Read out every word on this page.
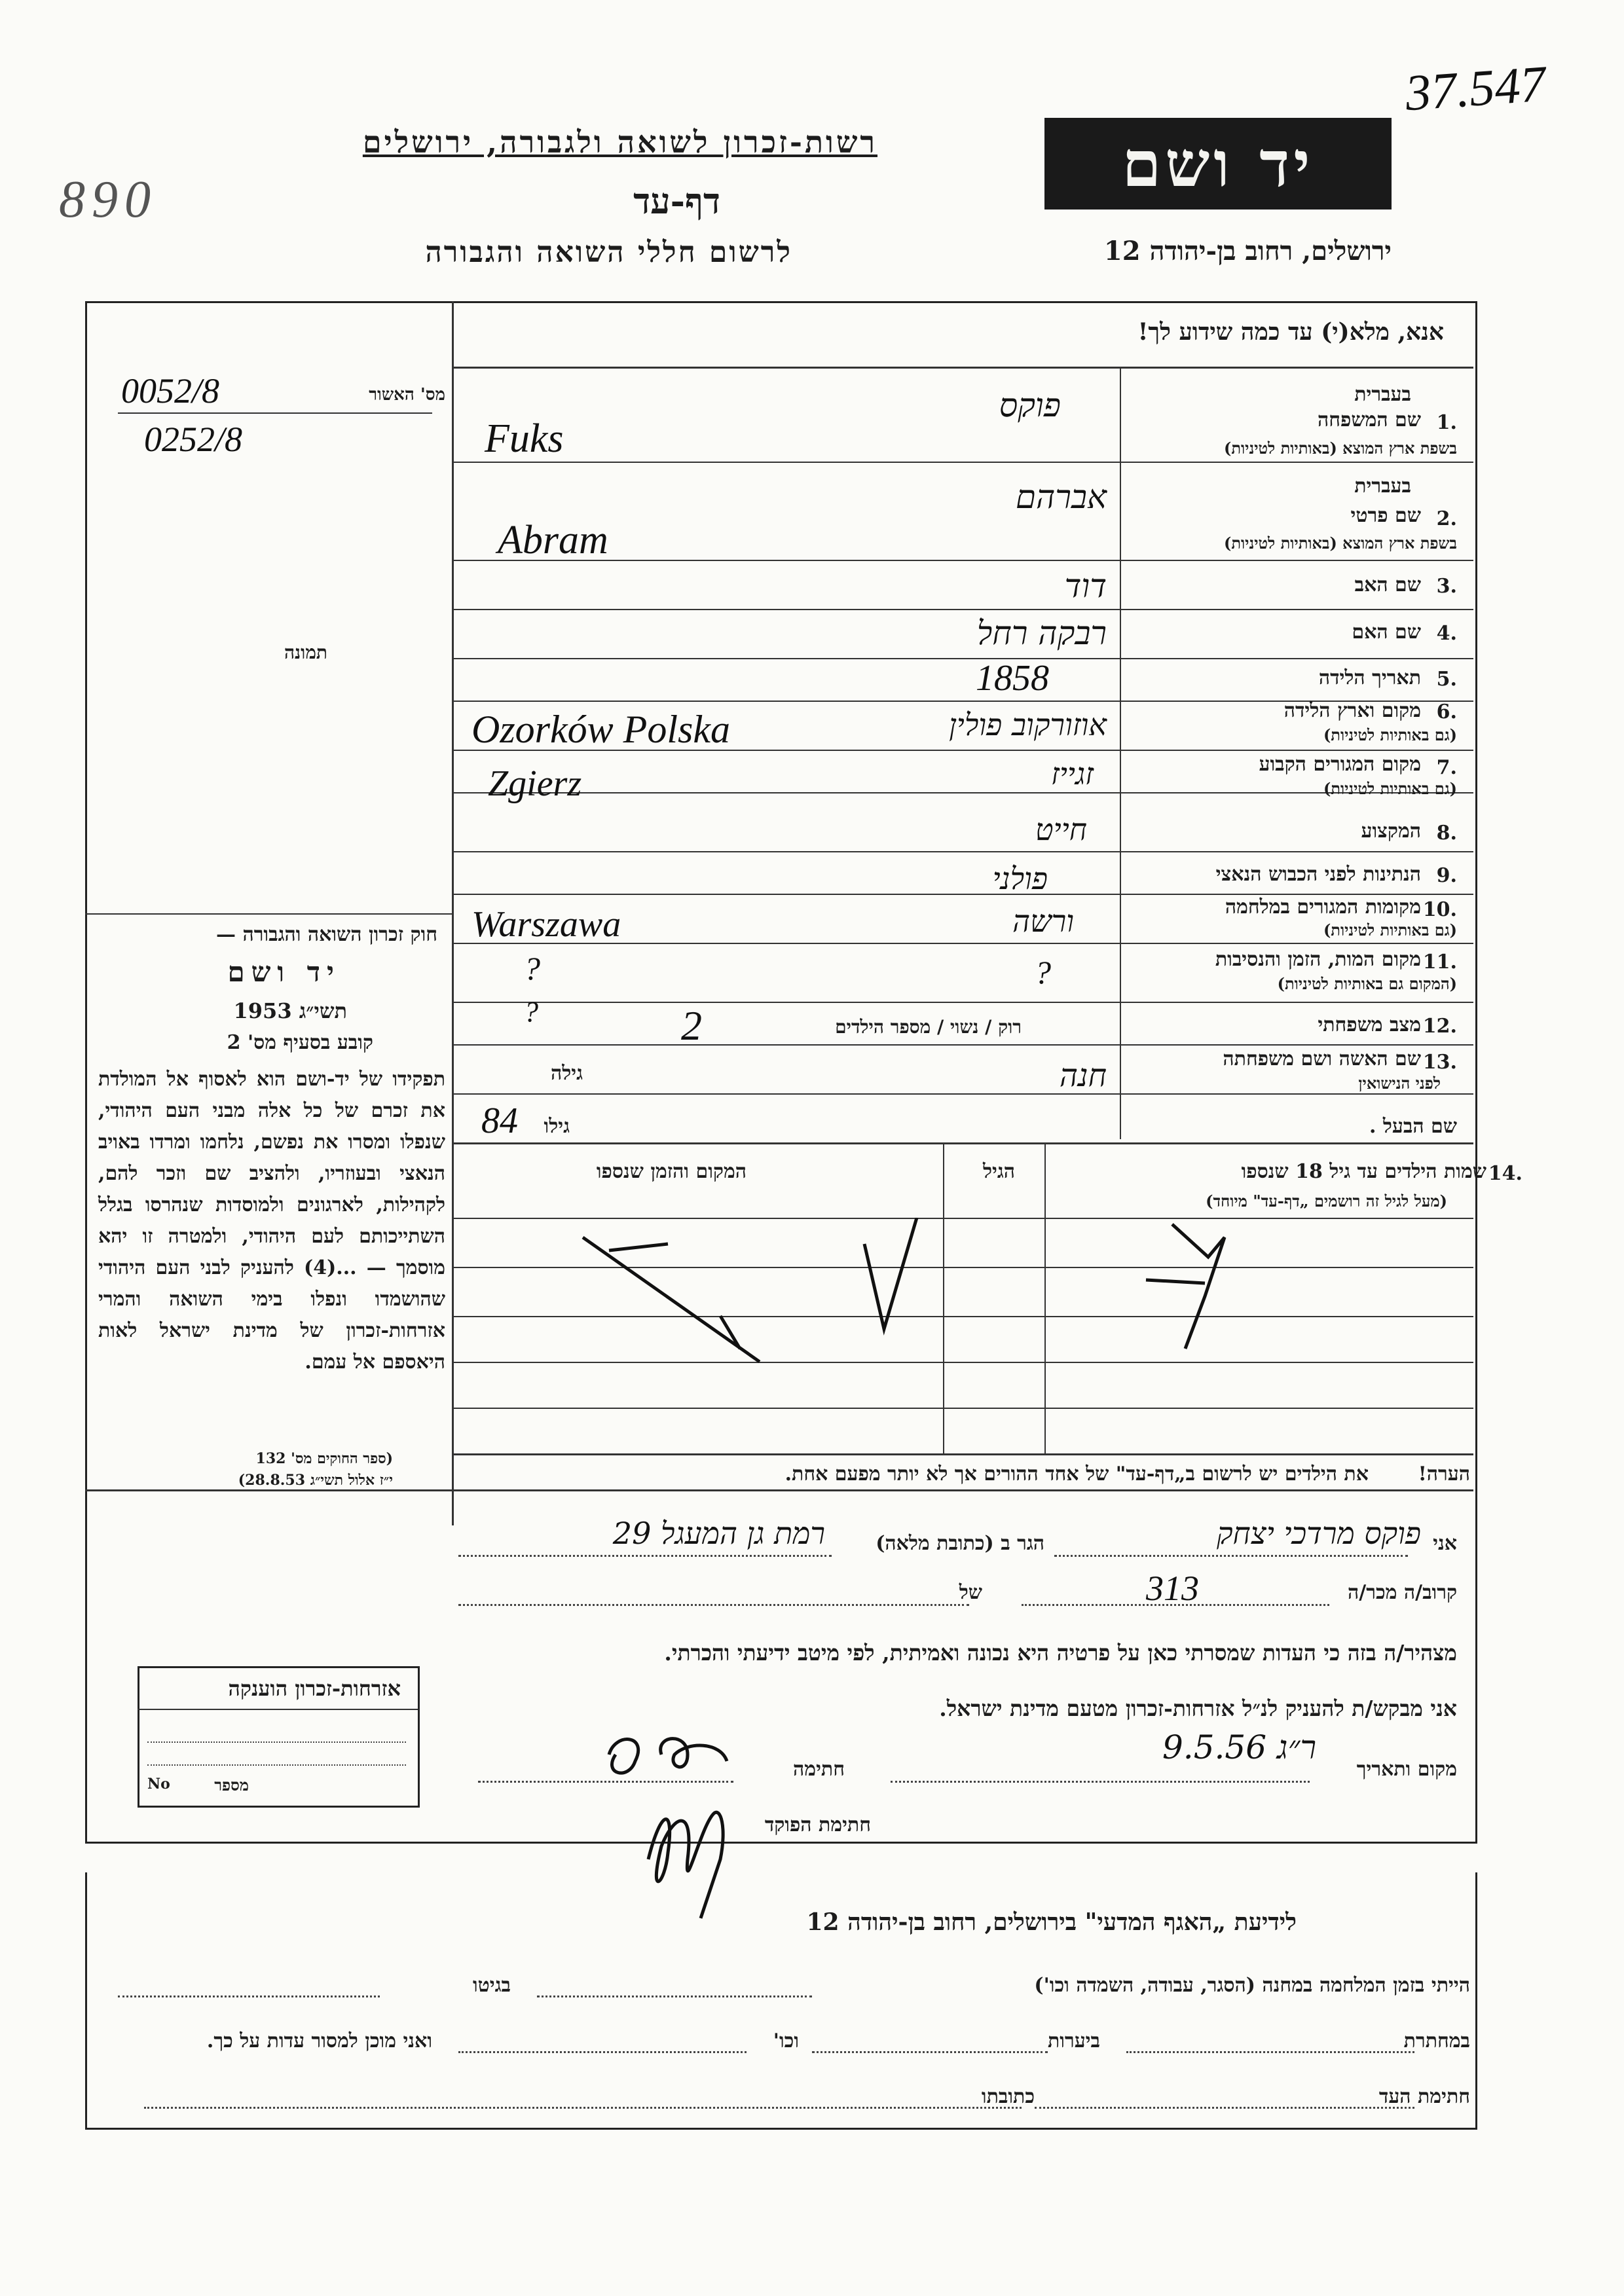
37.547
רשות-זכרון לשואה ולגבורה, ירושלים
דף-עד
890
לרשום חללי השואה והגבורה
יד ושם
ירושלים, רחוב בן-יהודה 12
אנא, מלא(י) עד כמה שידוע לך!
מס' האשור
0052/8
0252/8
תמונה
בעברית
1.
שם המשפחה
בשפת ארץ המוצא (באותיות לטיניות)
פוקס
Fuks
בעברית
2.
שם פרטי
בשפת ארץ המוצא (באותיות לטיניות)
אברהם
Abram
3.
שם האב
דוד
4.
שם האם
רבקה רחל
5.
תאריך הלידה
1858
6.
מקום וארץ הלידה
(גם באותיות לטיניות)
אוזורקוב פולין
Ozorków Polska
7.
מקום המגורים הקבוע
(גם באותיות לטיניות)
זגייז
Zgierz
8.
המקצוע
חייט
9.
הנתינות לפני הכבוש הנאצי
פולני
10.
מקומות המגורים במלחמה
(גם באותיות לטיניות)
ורשה
Warszawa
11.
מקום המות, הזמן והנסיבות
(המקום גם באותיות לטיניות)
?
?
12.
מצב משפחתי
רוק / נשוי / מספר הילדים
2
?
13.
שם האשה ושם משפחתה
לפני הנישואין
חנה
גילה
שם הבעל .
גילו
84
14.
שמות הילדים עד גיל 18 שנספו
(מעל לגיל זה רושמים „דף-עד" מיוחד)
הגיל
המקום והזמן שנספו
הערה!
את הילדים יש לרשום ב„דף-עד" של אחד ההורים אך לא יותר מפעם אחת.
חוק זכרון השואה והגבורה —
יד ושם
תשי״ג 1953
קובע בסעיף מס' 2
תפקידו של יד-ושם הוא לאסוף אל המולדת את זכרם של כל אלה מבני העם היהודי, שנפלו ומסרו את נפשם, נלחמו ומרדו באויב הנאצי ובעוזריו, ולהציב שם וזכר להם, לקהילות, לארגונים ולמוסדות שנהרסו בגלל השתייכותם לעם היהודי, ולמטרה זו יהא מוסמך — ...(4) להעניק לבני העם היהודי שהושמדו ונפלו בימי השואה והמרי אזרחות-זכרון של מדינת ישראל לאות היאספם אל עמם.
(ספר החוקים מס' 132
י״ז אלול תשי״ג 28.8.53)
אני
פוקס מרדכי יצחק
הגר ב (כתובת מלאה)
רמת גן המעגל 29
קרוב/ה מכר/ה
313
של
מצהיר/ה בזה כי העדות שמסרתי כאן על פרטיה היא נכונה ואמיתית, לפי מיטב ידיעתי והכרתי.
אני מבקש/ת להעניק לנ״ל אזרחות-זכרון מטעם מדינת ישראל.
מקום ותאריך
ר״ג 9.5.56
חתימה
חתימת הפוקד
אזרחות-זכרון הוענקה
מספר
No
לידיעת „האגף המדעי" בירושלים, רחוב בן-יהודה 12
הייתי בזמן המלחמה במחנה (הסגר, עבודה, השמדה וכו')
בגיטו
במחתרת
ביערות
וכו'
ואני מוכן למסור עדות על כך.
חתימת העד
כתובתו
